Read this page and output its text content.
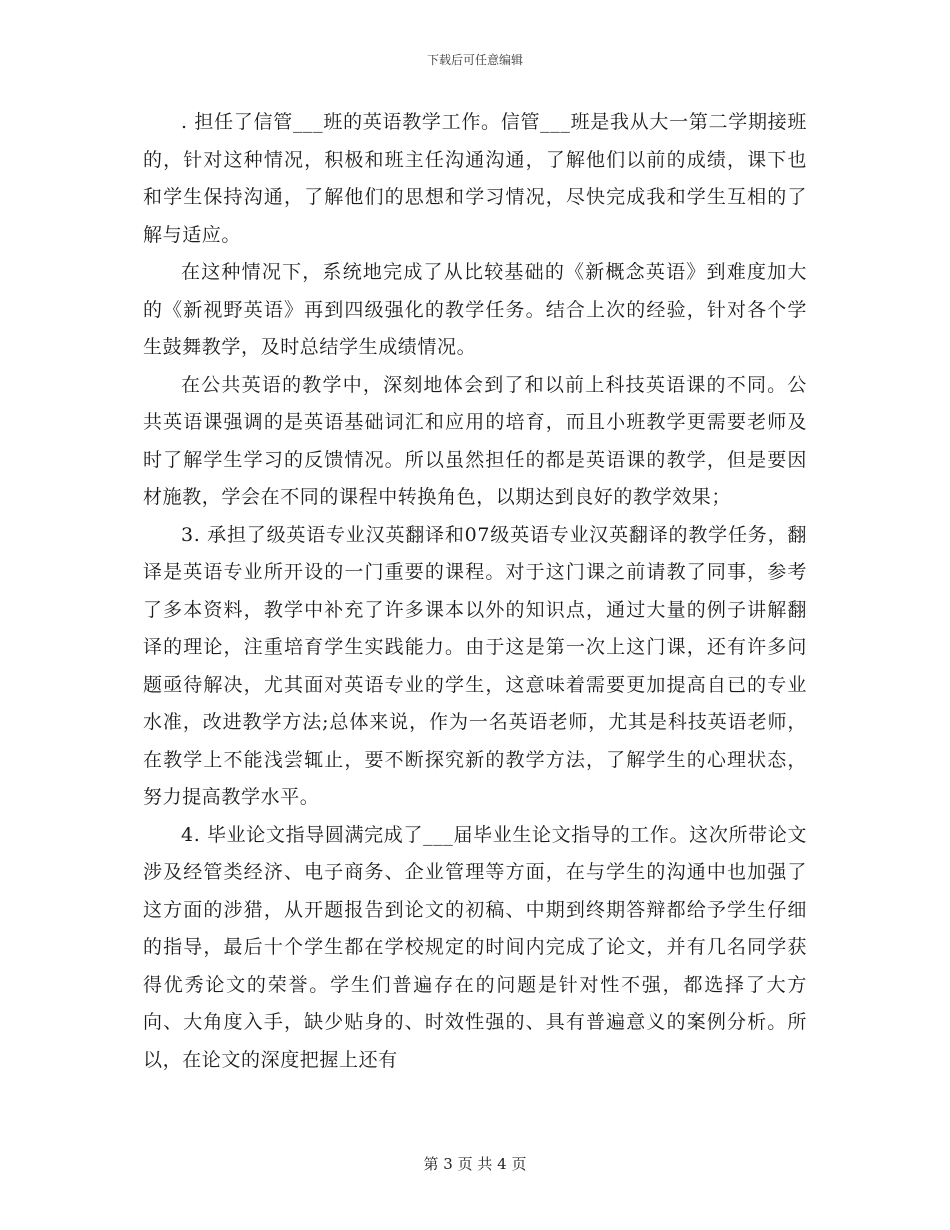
下载后可任意编辑

. 担任了信管___班的英语教学工作。信管___班是我从大一第二学期接班的，针对这种情况，积极和班主任沟通沟通，了解他们以前的成绩，课下也和学生保持沟通，了解他们的思想和学习情况，尽快完成我和学生互相的了解与适应。

在这种情况下，系统地完成了从比较基础的《新概念英语》到难度加大的《新视野英语》再到四级强化的教学任务。结合上次的经验，针对各个学生鼓舞教学，及时总结学生成绩情况。

在公共英语的教学中，深刻地体会到了和以前上科技英语课的不同。公共英语课强调的是英语基础词汇和应用的培育，而且小班教学更需要老师及时了解学生学习的反馈情况。所以虽然担任的都是英语课的教学，但是要因材施教，学会在不同的课程中转换角色，以期达到良好的教学效果；

3. 承担了级英语专业汉英翻译和07级英语专业汉英翻译的教学任务，翻译是英语专业所开设的一门重要的课程。对于这门课之前请教了同事，参考了多本资料，教学中补充了许多课本以外的知识点，通过大量的例子讲解翻译的理论，注重培育学生实践能力。由于这是第一次上这门课，还有许多问题亟待解决，尤其面对英语专业的学生，这意味着需要更加提高自已的专业水准，改进教学方法;总体来说，作为一名英语老师，尤其是科技英语老师，在教学上不能浅尝辄止，要不断探究新的教学方法，了解学生的心理状态，努力提高教学水平。

4. 毕业论文指导圆满完成了___届毕业生论文指导的工作。这次所带论文涉及经管类经济、电子商务、企业管理等方面，在与学生的沟通中也加强了这方面的涉猎，从开题报告到论文的初稿、中期到终期答辩都给予学生仔细的指导，最后十个学生都在学校规定的时间内完成了论文，并有几名同学获得优秀论文的荣誉。学生们普遍存在的问题是针对性不强，都选择了大方向、大角度入手，缺少贴身的、时效性强的、具有普遍意义的案例分析。所以，在论文的深度把握上还有

第 3 页 共 4 页
